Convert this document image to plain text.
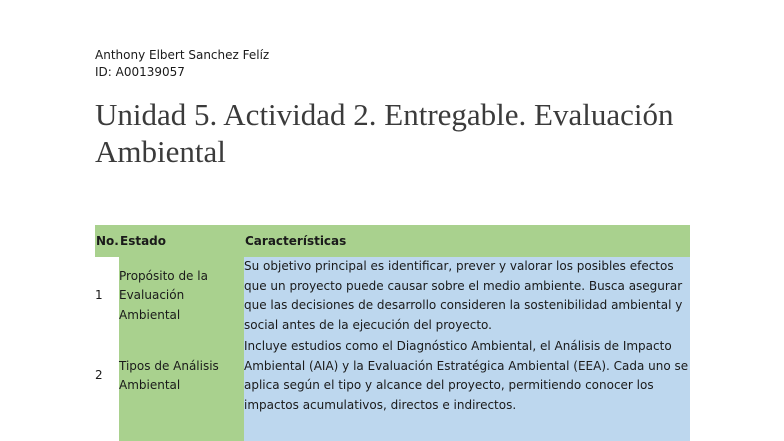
Anthony Elbert Sanchez Felíz
ID: A00139057
Unidad 5. Actividad 2. Entregable. Evaluación Ambiental
No.	Estado	Características
1	Propósito de la Evaluación Ambiental	Su objetivo principal es identificar, prever y valorar los posibles efectos que un proyecto puede causar sobre el medio ambiente. Busca asegurar que las decisiones de desarrollo consideren la sostenibilidad ambiental y social antes de la ejecución del proyecto.
2	Tipos de Análisis Ambiental	Incluye estudios como el Diagnóstico Ambiental, el Análisis de Impacto Ambiental (AIA) y la Evaluación Estratégica Ambiental (EEA). Cada uno se aplica según el tipo y alcance del proyecto, permitiendo conocer los impactos acumulativos, directos e indirectos.
